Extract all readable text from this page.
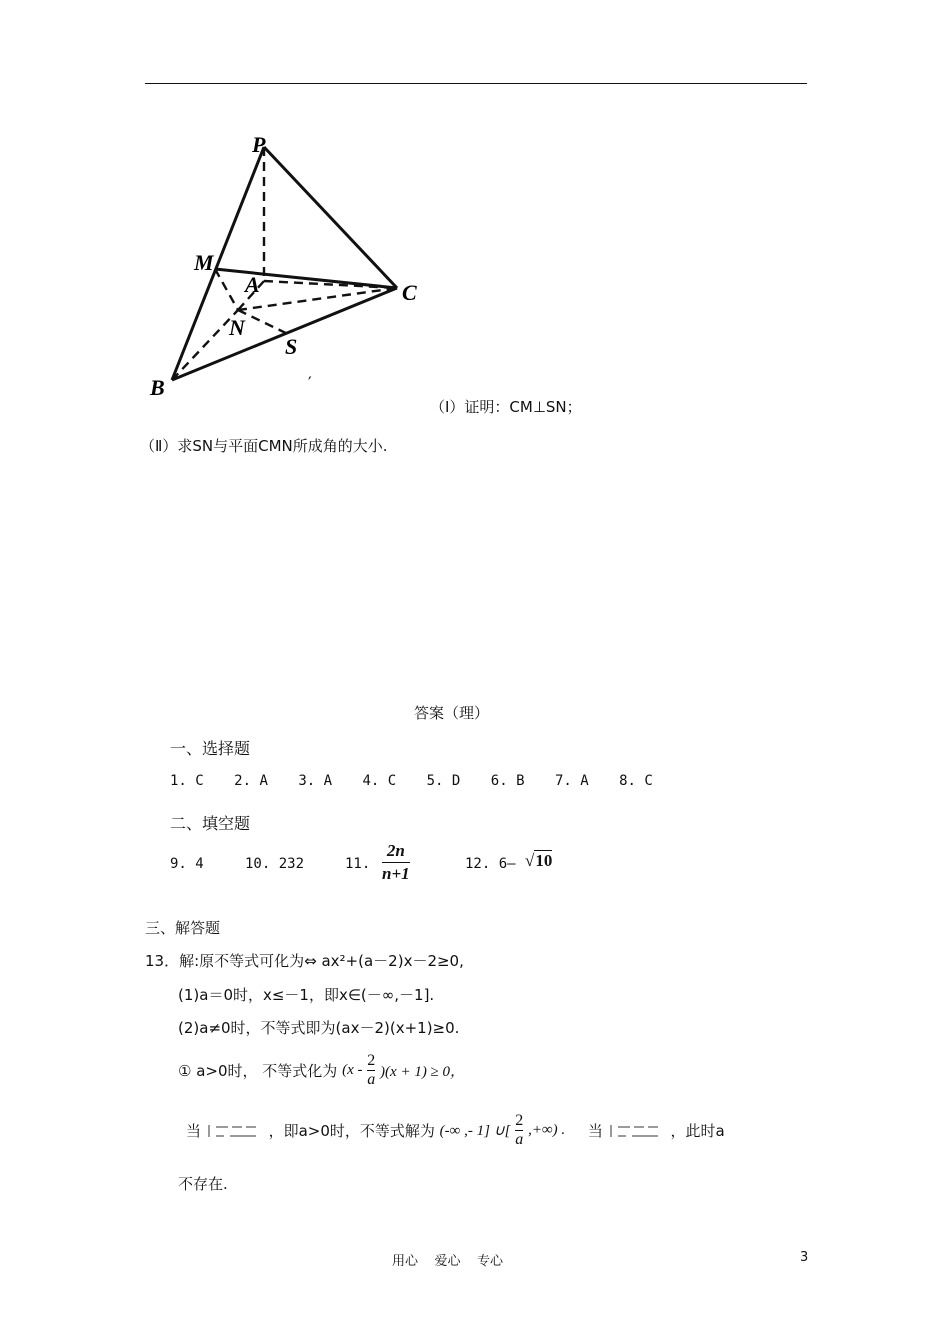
P
M
A	C
N
S
B	′
（Ⅰ）证明：CM⊥SN；
（Ⅱ）求SN与平面CMN所成角的大小.
答案（理）
一、选择题
1. C 2. A 3. A 4. C 5. D 6. B 7. A 8. C
二、填空题
9. 4	10. 232	11.
2n
n+1	12. 6— √10
三、解答题
13．解:原不等式可化为⇔ ax²+(a－2)x－2≥0,
(1)a＝0时，x≤－1，即x∈(－∞,－1].
(2)a≠0时，不等式即为(ax－2)(x+1)≥0.
① a>0时， 不等式化为 $(x - \frac{2}{a} )(x + 1) \ge 0$，
当	，即a>0时，不等式解为 (-∞ ,- 1] ∪[ $\frac{2}{a}$ ,+∞) . 当	，此时a
不存在.
用心    爱心    专心	3
